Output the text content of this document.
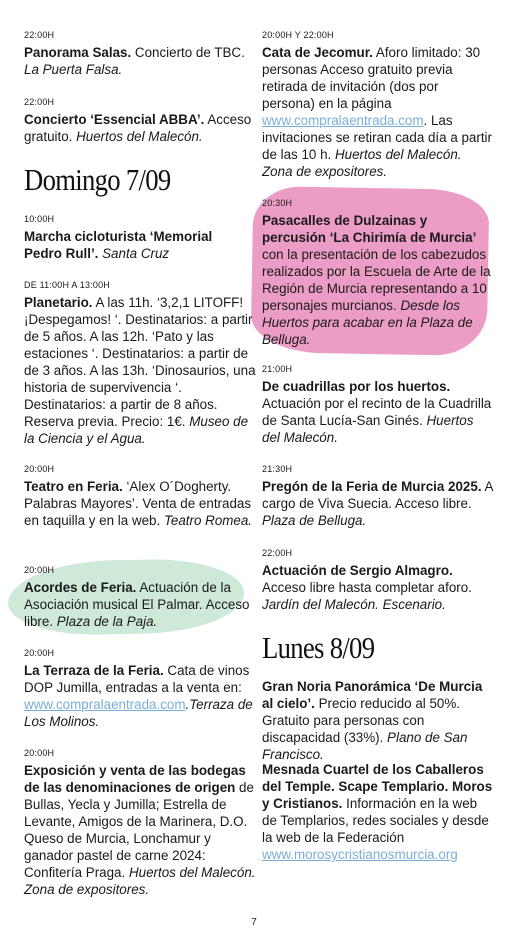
22:00H
Panorama Salas. Concierto de TBC. La Puerta Falsa.
22:00H
Concierto ‘Essencial ABBA’. Acceso gratuito. Huertos del Malecón.
Domingo 7/09
10:00H
Marcha cicloturista ‘Memorial Pedro Rull’. Santa Cruz
DE 11:00H A 13:00H
Planetario. A las 11h. ‘3,2,1 LITOFF! ¡Despegamos! ‘. Destinatarios: a partir de 5 años. A las 12h. ‘Pato y las estaciones ‘. Destinatarios: a partir de de 3 años. A las 13h. ‘Dinosaurios, una historia de supervivencia ‘. Destinatarios: a partir de 8 años. Reserva previa. Precio: 1€. Museo de la Ciencia y el Agua.
20:00H
Teatro en Feria. ‘Alex O´Dogherty. Palabras Mayores’. Venta de entradas en taquilla y en la web. Teatro Romea.
20:00H
Acordes de Feria. Actuación de la Asociación musical El Palmar. Acceso libre. Plaza de la Paja.
20:00H
La Terraza de la Feria. Cata de vinos DOP Jumilla, entradas a la venta en: www.compralaentrada.com.Terraza de Los Molinos.
20:00H
Exposición y venta de las bodegas de las denominaciones de origen de Bullas, Yecla y Jumilla; Estrella de Levante, Amigos de la Marinera, D.O. Queso de Murcia, Lonchamur y ganador pastel de carne 2024: Confitería Praga. Huertos del Malecón. Zona de expositores.
20:00H Y 22:00H
Cata de Jecomur. Aforo limitado: 30 personas Acceso gratuito previa retirada de invitación (dos por persona) en la página www.compralaentrada.com. Las invitaciones se retiran cada día a partir de las 10 h. Huertos del Malecón. Zona de expositores.
20:30H
Pasacalles de Dulzainas y percusión ‘La Chirimía de Murcia’ con la presentación de los cabezudos realizados por la Escuela de Arte de la Región de Murcia representando a 10 personajes murcianos. Desde los Huertos para acabar en la Plaza de Belluga.
21:00H
De cuadrillas por los huertos. Actuación por el recinto de la Cuadrilla de Santa Lucía-San Ginés. Huertos del Malecón.
21:30H
Pregón de la Feria de Murcia 2025. A cargo de Viva Suecia. Acceso libre. Plaza de Belluga.
22:00H
Actuación de Sergio Almagro. Acceso libre hasta completar aforo. Jardín del Malecón. Escenario.
Lunes 8/09
Gran Noria Panorámica ‘De Murcia al cielo’. Precio reducido al 50%. Gratuito para personas con discapacidad (33%). Plano de San Francisco.
Mesnada Cuartel de los Caballeros del Temple. Scape Templario. Moros y Cristianos. Información en la web de Templarios, redes sociales y desde la web de la Federación www.morosycristianosmurcia.org
7
